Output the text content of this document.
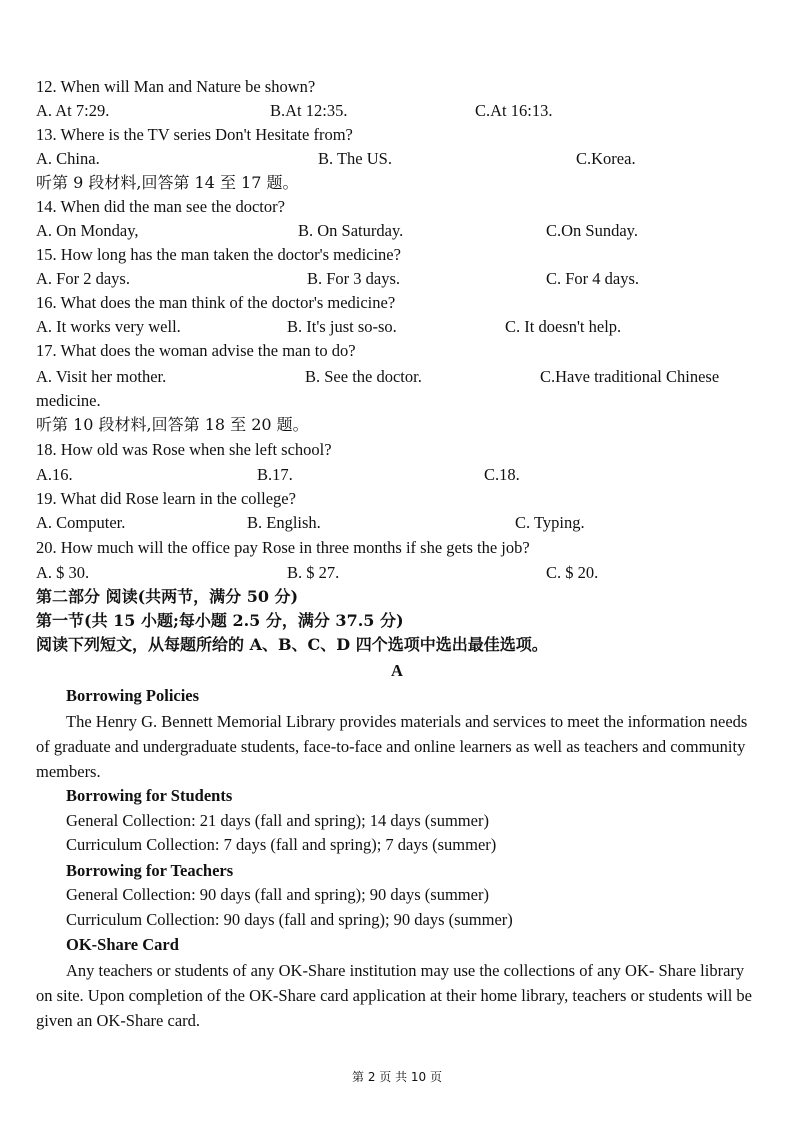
12. When will Man and Nature be shown?
A. At 7:29.	B.At 12:35.	C.At 16:13.
13. Where is the TV series Don't Hesitate from?
A. China.	B. The US.	C.Korea.
听第 9 段材料,回答第 14 至 17 题。
14. When did the man see the doctor?
A. On Monday,	B. On Saturday.	C.On Sunday.
15. How long has the man taken the doctor's medicine?
A. For 2 days.	B. For 3 days.	C. For 4 days.
16. What does the man think of the doctor's medicine?
A. It works very well.	B. It's just so-so.	C. It doesn't help.
17. What does the woman advise the man to do?
A. Visit her mother.	B. See the doctor.	C.Have traditional Chinese
medicine.
听第 10 段材料,回答第 18 至 20 题。
18. How old was Rose when she left school?
A.16.	B.17.	C.18.
19. What did Rose learn in the college?
A. Computer.	B. English.	C. Typing.
20. How much will the office pay Rose in three months if she gets the job?
A. $ 30.	B. $ 27.	C. $ 20.
第二部分 阅读(共两节，满分 50 分)
第一节(共 15 小题;每小题 2.5 分，满分 37.5 分)
阅读下列短文，从每题所给的 A、B、C、D 四个选项中选出最佳选项。
A
Borrowing Policies
The Henry G. Bennett Memorial Library provides materials and services to meet the information needs of graduate and undergraduate students, face-to-face and online learners as well as teachers and community members.
Borrowing for Students
General Collection: 21 days (fall and spring); 14 days (summer)
Curriculum Collection: 7 days (fall and spring); 7 days (summer)
Borrowing for Teachers
General Collection: 90 days (fall and spring); 90 days (summer)
Curriculum Collection: 90 days (fall and spring); 90 days (summer)
OK-Share Card
Any teachers or students of any OK-Share institution may use the collections of any OK- Share library on site. Upon completion of the OK-Share card application at their home library, teachers or students will be given an OK-Share card.
第 2 页 共 10 页
